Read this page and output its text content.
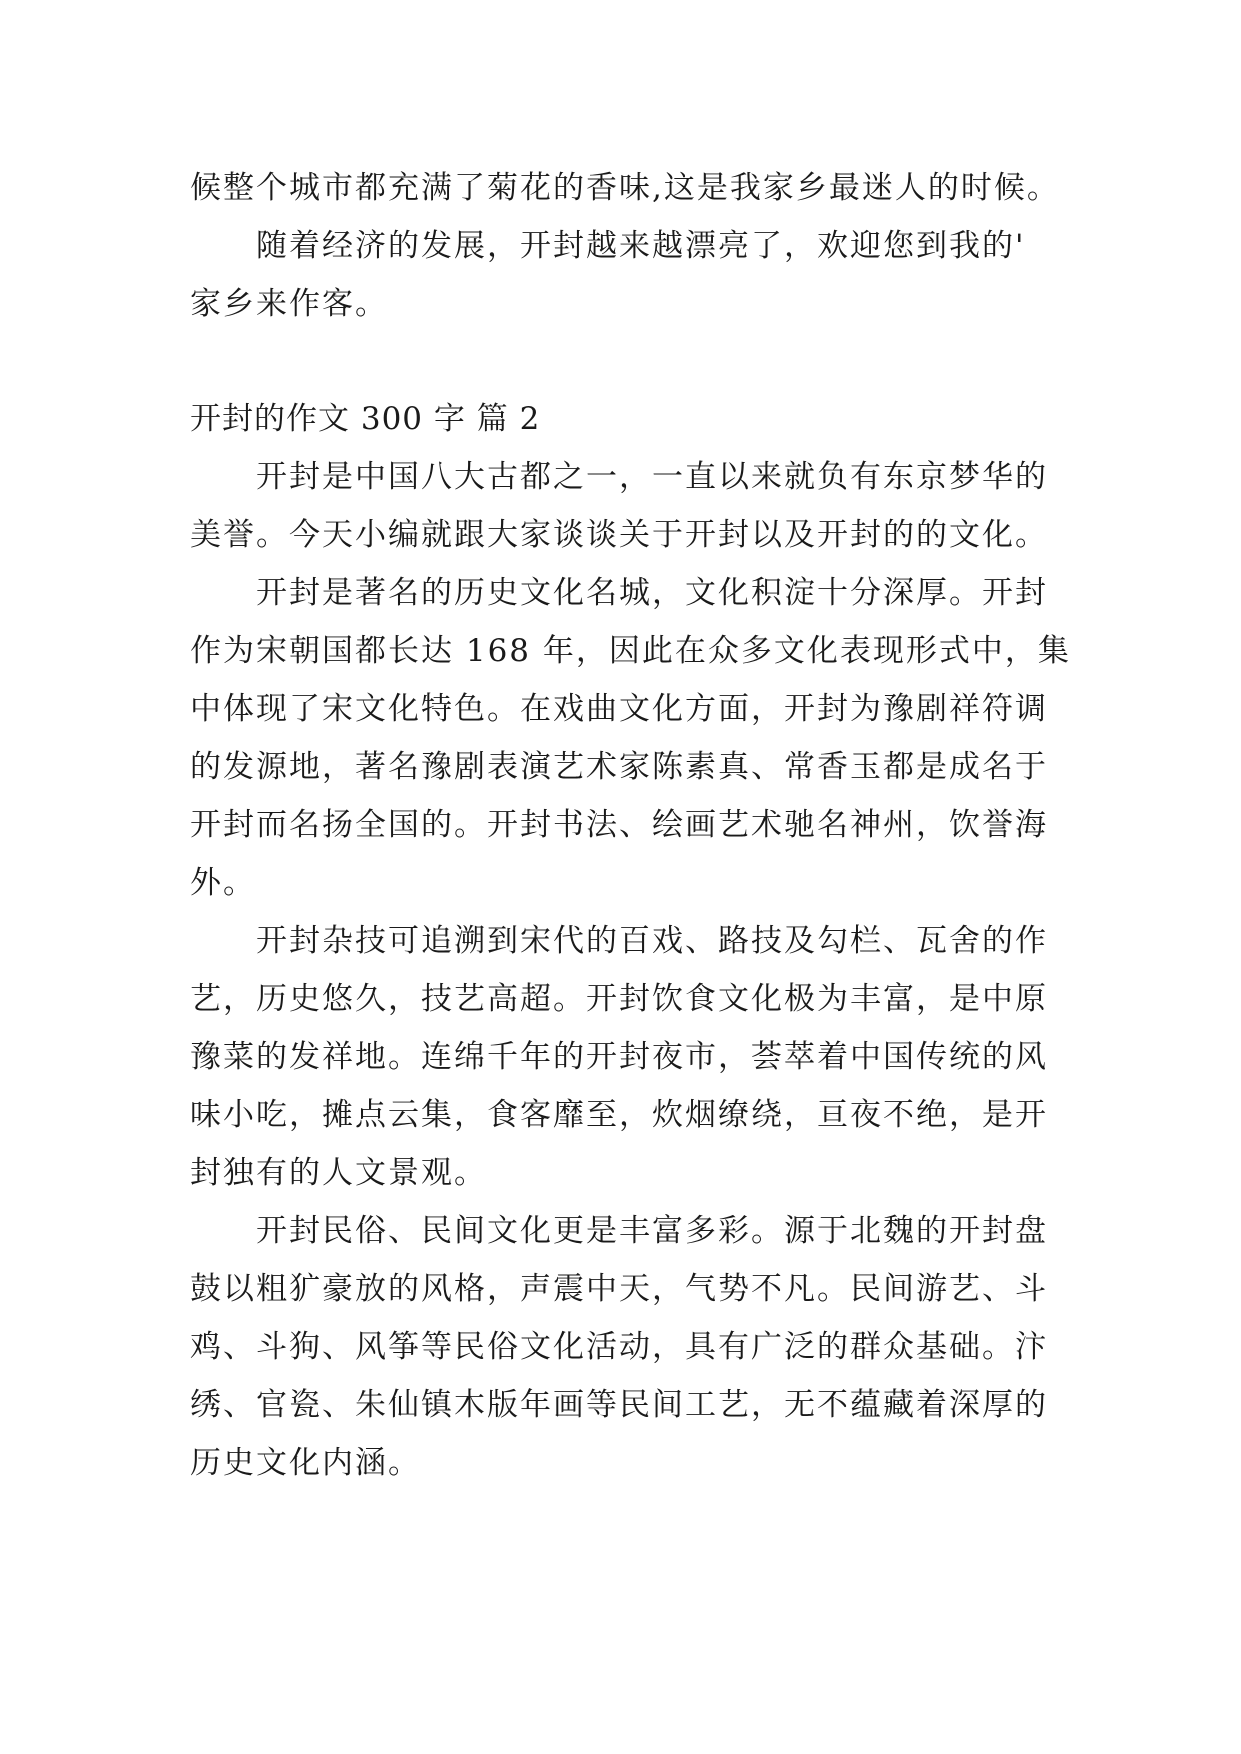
候整个城市都充满了菊花的香味,这是我家乡最迷人的时候。
随着经济的发展，开封越来越漂亮了，欢迎您到我的'
家乡来作客。
开封的作文 300 字 篇 2
开封是中国八大古都之一，一直以来就负有东京梦华的
美誉。今天小编就跟大家谈谈关于开封以及开封的的文化。
开封是著名的历史文化名城，文化积淀十分深厚。开封
作为宋朝国都长达 168 年，因此在众多文化表现形式中，集
中体现了宋文化特色。在戏曲文化方面，开封为豫剧祥符调
的发源地，著名豫剧表演艺术家陈素真、常香玉都是成名于
开封而名扬全国的。开封书法、绘画艺术驰名神州，饮誉海
外。
开封杂技可追溯到宋代的百戏、路技及勾栏、瓦舍的作
艺，历史悠久，技艺高超。开封饮食文化极为丰富，是中原
豫菜的发祥地。连绵千年的开封夜市，荟萃着中国传统的风
味小吃，摊点云集，食客靡至，炊烟缭绕，亘夜不绝，是开
封独有的人文景观。
开封民俗、民间文化更是丰富多彩。源于北魏的开封盘
鼓以粗犷豪放的风格，声震中天，气势不凡。民间游艺、斗
鸡、斗狗、风筝等民俗文化活动，具有广泛的群众基础。汴
绣、官瓷、朱仙镇木版年画等民间工艺，无不蕴藏着深厚的
历史文化内涵。
